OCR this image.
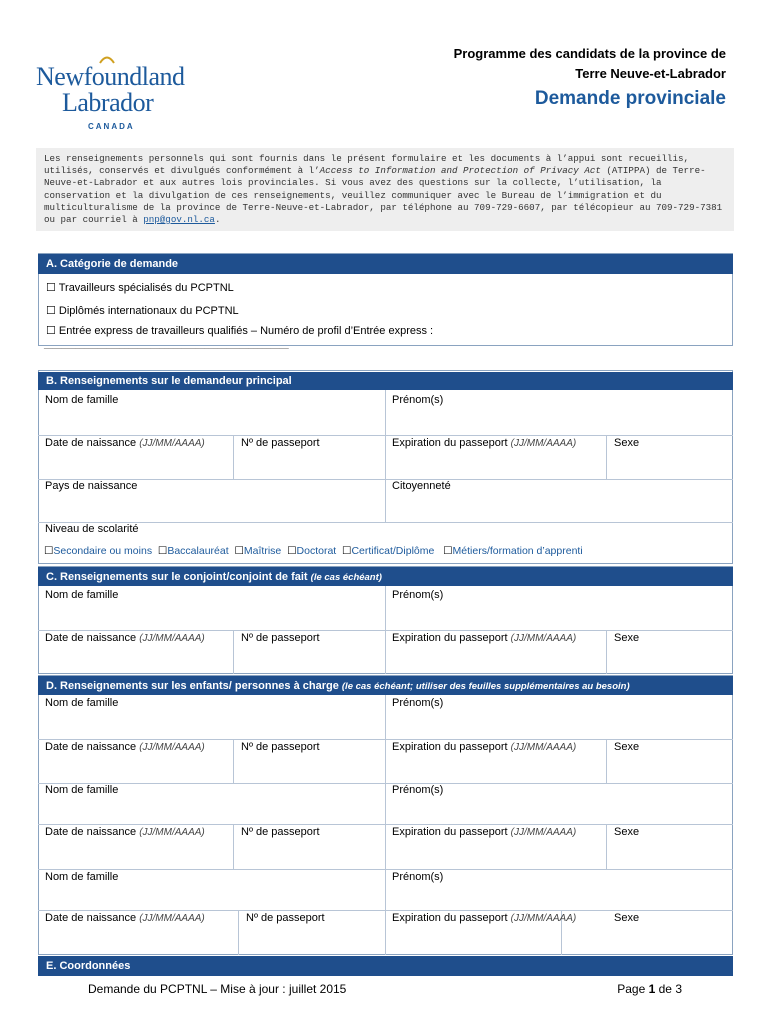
Newfoundland
Labrador
CANADA
Programme des candidats de la province de
Terre Neuve-et-Labrador
Demande provinciale
Les renseignements personnels qui sont fournis dans le présent formulaire et les documents à l’appui sont recueillis, utilisés, conservés et divulgués conformément à l’Access to Information and Protection of Privacy Act (ATIPPA) de Terre-Neuve-et-Labrador et aux autres lois provinciales. Si vous avez des questions sur la collecte, l’utilisation, la conservation et la divulgation de ces renseignements, veuillez communiquer avec le Bureau de l’immigration et du multiculturalisme de la province de Terre-Neuve-et-Labrador, par téléphone au 709-729-6607, par télécopieur au 709-729-7381 ou par courriel à pnp@gov.nl.ca.
A. Catégorie de demande
☐ Travailleurs spécialisés du PCPTNL
☐ Diplômés internationaux du PCPTNL
☐ Entrée express de travailleurs qualifiés – Numéro de profil d’Entrée express :
_______________________________________________________
B. Renseignements sur le demandeur principal
Nom de famille	Prénom(s)
Date de naissance (JJ/MM/AAAA)	Nº de passeport	Expiration du passeport (JJ/MM/AAAA)	Sexe
Pays de naissance	Citoyenneté
Niveau de scolarité
☐Secondaire ou moins ☐Baccalauréat ☐Maîtrise ☐Doctorat ☐Certificat/Diplôme ☐Métiers/formation d’apprenti
C. Renseignements sur le conjoint/conjoint de fait (le cas échéant)
Nom de famille	Prénom(s)
Date de naissance (JJ/MM/AAAA)	Nº de passeport	Expiration du passeport (JJ/MM/AAAA)	Sexe
D. Renseignements sur les enfants/ personnes à charge (le cas échéant; utiliser des feuilles supplémentaires au besoin)
Nom de famille	Prénom(s)
Date de naissance (JJ/MM/AAAA)	Nº de passeport	Expiration du passeport (JJ/MM/AAAA)	Sexe
Nom de famille	Prénom(s)
Date de naissance (JJ/MM/AAAA)	Nº de passeport	Expiration du passeport (JJ/MM/AAAA)	Sexe
Nom de famille	Prénom(s)
Date de naissance (JJ/MM/AAAA)	Nº de passeport	Expiration du passeport (JJ/MM/AAAA)	Sexe
E. Coordonnées
Demande du PCPTNL – Mise à jour : juillet 2015	Page 1 de 3
